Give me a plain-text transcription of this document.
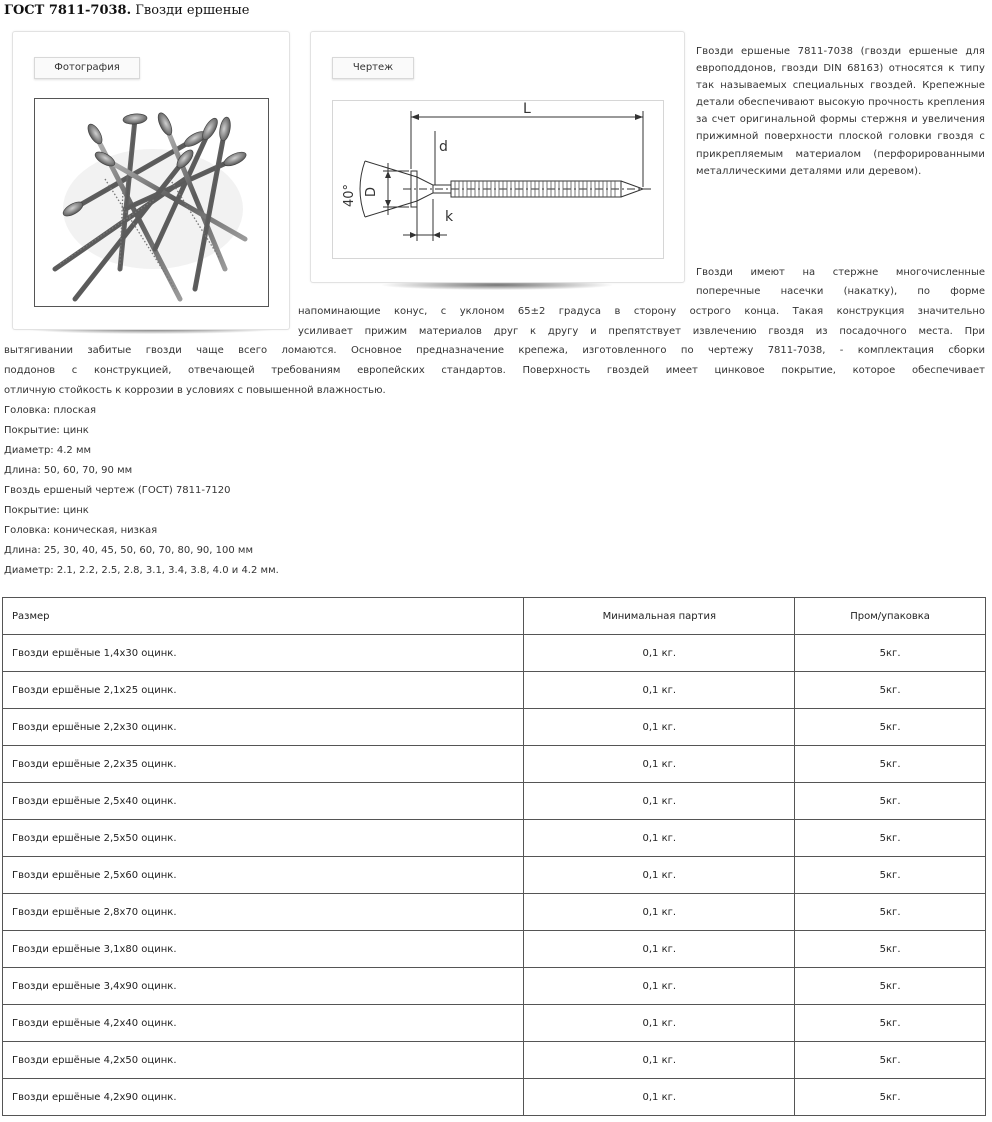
ГОСТ 7811-7038. Гвозди ершеные
Фотография	Чертеж
L
d
k
D
40°
Гвозди ершеные 7811-7038 (гвозди ершеные для европоддонов, гвозди DIN 68163) относятся к типу так называемых специальных гвоздей. Крепежные детали обеспечивают высокую прочность крепления за счет оригинальной формы стержня и увеличения прижимной поверхности плоской головки гвоздя с прикрепляемым материалом (перфорированными металлическими деталями или деревом).
Гвозди имеют на стержне многочисленные
поперечные насечки (накатку), по форме
напоминающие конус, с уклоном 65±2 градуса в сторону острого конца. Такая конструкция значительно
усиливает прижим материалов друг к другу и препятствует извлечению гвоздя из посадочного места. При
вытягивании забитые гвозди чаще всего ломаются. Основное предназначение крепежа, изготовленного по чертежу 7811-7038, - комплектация сборки
поддонов с конструкцией, отвечающей требованиям европейских стандартов. Поверхность гвоздей имеет цинковое покрытие, которое обеспечивает
отличную стойкость к коррозии в условиях с повышенной влажностью.
Головка: плоская
Покрытие: цинк
Диаметр: 4.2 мм
Длина: 50, 60, 70, 90 мм
Гвоздь ершеный чертеж (ГОСТ) 7811-7120
Покрытие: цинк
Головка: коническая, низкая
Длина: 25, 30, 40, 45, 50, 60, 70, 80, 90, 100 мм
Диаметр: 2.1, 2.2, 2.5, 2.8, 3.1, 3.4, 3.8, 4.0 и 4.2 мм.
Размер	Минимальная партия	Пром/упаковка
Гвозди ершёные 1,4х30 оцинк.	0,1 кг.	5кг.
Гвозди ершёные 2,1х25 оцинк.	0,1 кг.	5кг.
Гвозди ершёные 2,2х30 оцинк.	0,1 кг.	5кг.
Гвозди ершёные 2,2х35 оцинк.	0,1 кг.	5кг.
Гвозди ершёные 2,5х40 оцинк.	0,1 кг.	5кг.
Гвозди ершёные 2,5х50 оцинк.	0,1 кг.	5кг.
Гвозди ершёные 2,5х60 оцинк.	0,1 кг.	5кг.
Гвозди ершёные 2,8х70 оцинк.	0,1 кг.	5кг.
Гвозди ершёные 3,1х80 оцинк.	0,1 кг.	5кг.
Гвозди ершёные 3,4х90 оцинк.	0,1 кг.	5кг.
Гвозди ершёные 4,2х40 оцинк.	0,1 кг.	5кг.
Гвозди ершёные 4,2х50 оцинк.	0,1 кг.	5кг.
Гвозди ершёные 4,2х90 оцинк.	0,1 кг.	5кг.
